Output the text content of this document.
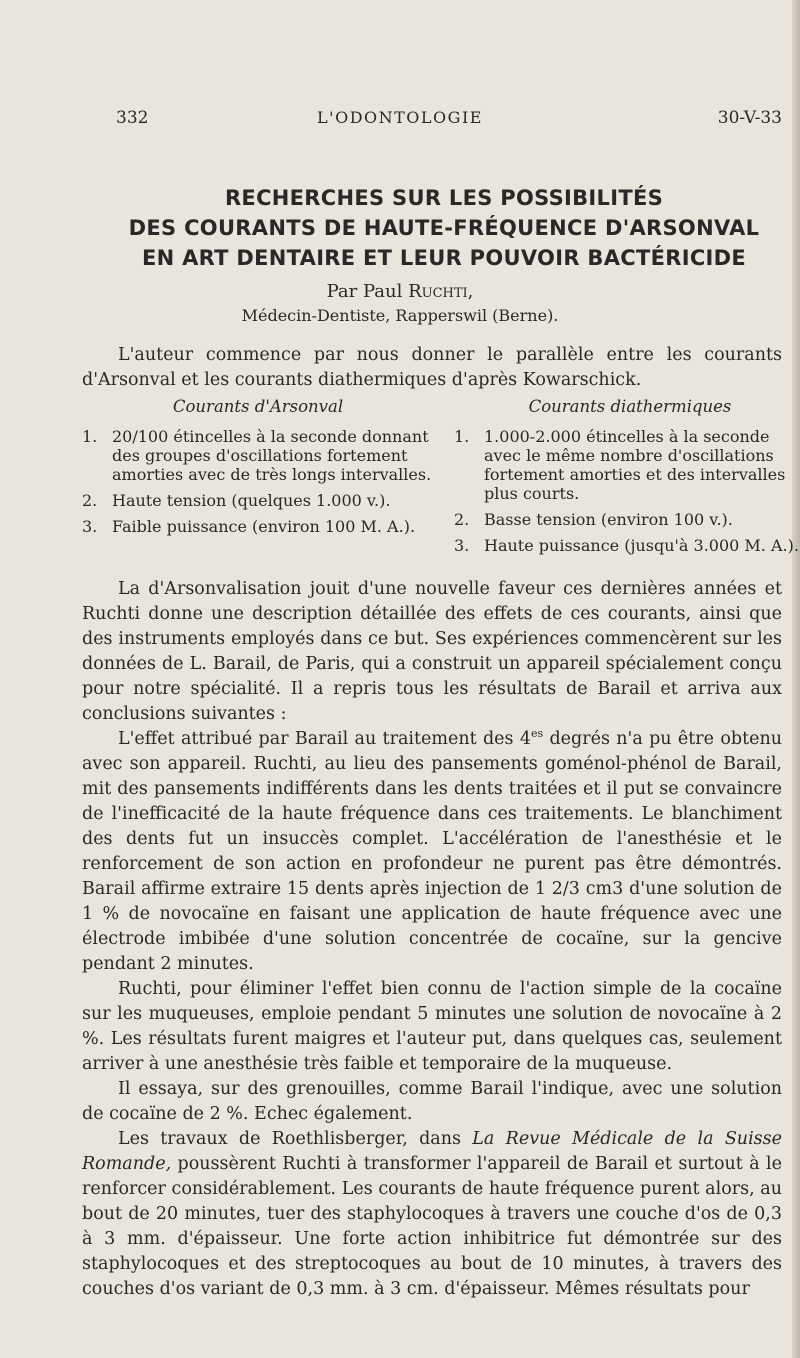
332	L'ODONTOLOGIE	30-V-33
RECHERCHES SUR LES POSSIBILITÉS
DES COURANTS DE HAUTE-FRÉQUENCE D'ARSONVAL
EN ART DENTAIRE ET LEUR POUVOIR BACTÉRICIDE
Par Paul Ruchti,
Médecin-Dentiste, Rapperswil (Berne).

L'auteur commence par nous donner le parallèle entre les courants d'Arsonval et les courants diathermiques d'après Kowarschick.

Courants d'Arsonval
1. 20/100 étincelles à la seconde donnant des groupes d'oscillations fortement amorties avec de très longs intervalles.
2. Haute tension (quelques 1.000 v.).
3. Faible puissance (environ 100 M. A.).
Courants diathermiques
1. 1.000-2.000 étincelles à la seconde avec le même nombre d'oscillations fortement amorties et des intervalles plus courts.
2. Basse tension (environ 100 v.).
3. Haute puissance (jusqu'à 3.000 M. A.).

La d'Arsonvalisation jouit d'une nouvelle faveur ces dernières années et Ruchti donne une description détaillée des effets de ces courants, ainsi que des instruments employés dans ce but. Ses expériences commencèrent sur les données de L. Barail, de Paris, qui a construit un appareil spécialement conçu pour notre spécialité. Il a repris tous les résultats de Barail et arriva aux conclusions suivantes :

L'effet attribué par Barail au traitement des $4^{es}$ degrés n'a pu être obtenu avec son appareil. Ruchti, au lieu des pansements goménol-phénol de Barail, mit des pansements indifférents dans les dents traitées et il put se convaincre de l'inefficacité de la haute fréquence dans ces traitements. Le blanchiment des dents fut un insuccès complet. L'accélération de l'anesthésie et le renforcement de son action en profondeur ne purent pas être démontrés. Barail affirme extraire 15 dents après injection de 1 2/3 cm3 d'une solution de 1 % de novocaïne en faisant une application de haute fréquence avec une électrode imbibée d'une solution concentrée de cocaïne, sur la gencive pendant 2 minutes.

Ruchti, pour éliminer l'effet bien connu de l'action simple de la cocaïne sur les muqueuses, emploie pendant 5 minutes une solution de novocaïne à 2 %. Les résultats furent maigres et l'auteur put, dans quelques cas, seulement arriver à une anesthésie très faible et temporaire de la muqueuse.

Il essaya, sur des grenouilles, comme Barail l'indique, avec une solution de cocaïne de 2 %. Echec également.

Les travaux de Roethlisberger, dans La Revue Médicale de la Suisse Romande, poussèrent Ruchti à transformer l'appareil de Barail et surtout à le renforcer considérablement. Les courants de haute fréquence purent alors, au bout de 20 minutes, tuer des staphylocoques à travers une couche d'os de 0,3 à 3 mm. d'épaisseur. Une forte action inhibitrice fut démontrée sur des staphylocoques et des streptocoques au bout de 10 minutes, à travers des couches d'os variant de 0,3 mm. à 3 cm. d'épaisseur. Mêmes résultats pour
